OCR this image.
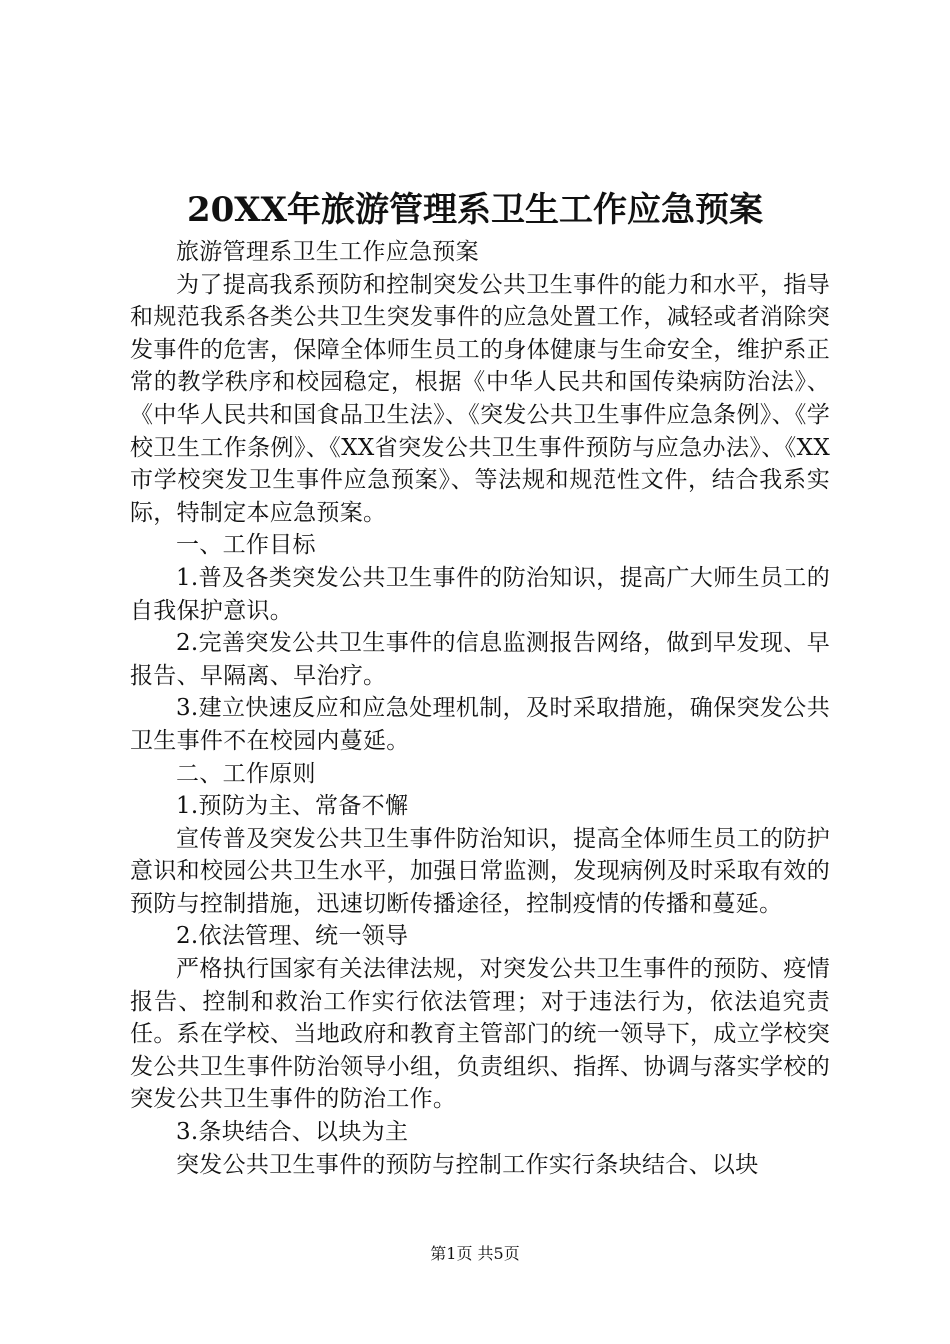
20XX年旅游管理系卫生工作应急预案

旅游管理系卫生工作应急预案

为了提高我系预防和控制突发公共卫生事件的能力和水平，指导和规范我系各类公共卫生突发事件的应急处置工作，减轻或者消除突发事件的危害，保障全体师生员工的身体健康与生命安全，维护系正常的教学秩序和校园稳定，根据《中华人民共和国传染病防治法》、《中华人民共和国食品卫生法》、《突发公共卫生事件应急条例》、《学校卫生工作条例》、《XX省突发公共卫生事件预防与应急办法》、《XX市学校突发卫生事件应急预案》、等法规和规范性文件，结合我系实际，特制定本应急预案。

一、工作目标

1.普及各类突发公共卫生事件的防治知识，提高广大师生员工的自我保护意识。

2.完善突发公共卫生事件的信息监测报告网络，做到早发现、早报告、早隔离、早治疗。

3.建立快速反应和应急处理机制，及时采取措施，确保突发公共卫生事件不在校园内蔓延。

二、工作原则

1.预防为主、常备不懈

宣传普及突发公共卫生事件防治知识，提高全体师生员工的防护意识和校园公共卫生水平，加强日常监测，发现病例及时采取有效的预防与控制措施，迅速切断传播途径，控制疫情的传播和蔓延。

2.依法管理、统一领导

严格执行国家有关法律法规，对突发公共卫生事件的预防、疫情报告、控制和救治工作实行依法管理；对于违法行为，依法追究责任。系在学校、当地政府和教育主管部门的统一领导下，成立学校突发公共卫生事件防治领导小组，负责组织、指挥、协调与落实学校的突发公共卫生事件的防治工作。

3.条块结合、以块为主

突发公共卫生事件的预防与控制工作实行条块结合、以块

第1页 共5页
